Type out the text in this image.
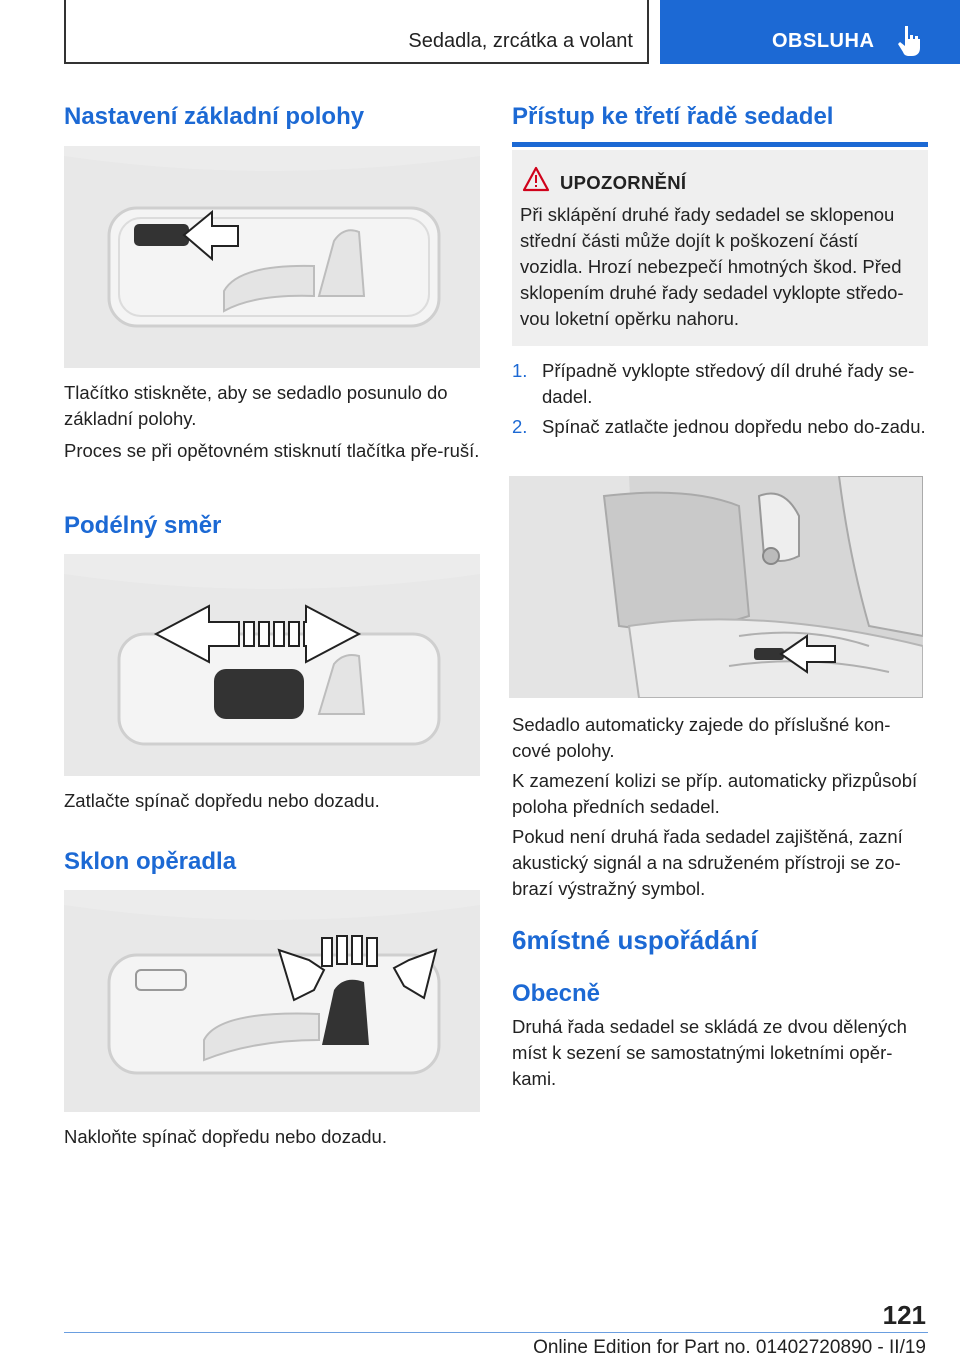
Sedadla, zrcátka a volant	OBSLUHA
Nastavení základní polohy

Tlačítko stiskněte, aby se sedadlo posunulo do základní polohy.

Proces se při opětovném stisknutí tlačítka pře‐ruší.

Podélný směr

Zatlačte spínač dopředu nebo dozadu.

Sklon opěradla

Nakloňte spínač dopředu nebo dozadu.

Přístup ke třetí řadě sedadel
UPOZORNĚNÍ

Při sklápění druhé řady sedadel se sklopenou střední části může dojít k poškození částí vozidla. Hrozí nebezpečí hmotných škod. Před sklopením druhé řady sedadel vyklopte středo‐vou loketní opěrku nahoru.

1. Případně vyklopte středový díl druhé řady se‐dadel.
2. Spínač zatlačte jednou dopředu nebo do‐zadu.

Sedadlo automaticky zajede do příslušné kon‐cové polohy.

K zamezení kolizi se příp. automaticky přizpůsobí poloha předních sedadel.

Pokud není druhá řada sedadel zajištěná, zazní akustický signál a na sdruženém přístroji se zo‐brazí výstražný symbol.

6místné uspořádání
Obecně

Druhá řada sedadel se skládá ze dvou dělených míst k sezení se samostatnými loketními opěr‐kami.

121
Online Edition for Part no. 01402720890 - II/19
